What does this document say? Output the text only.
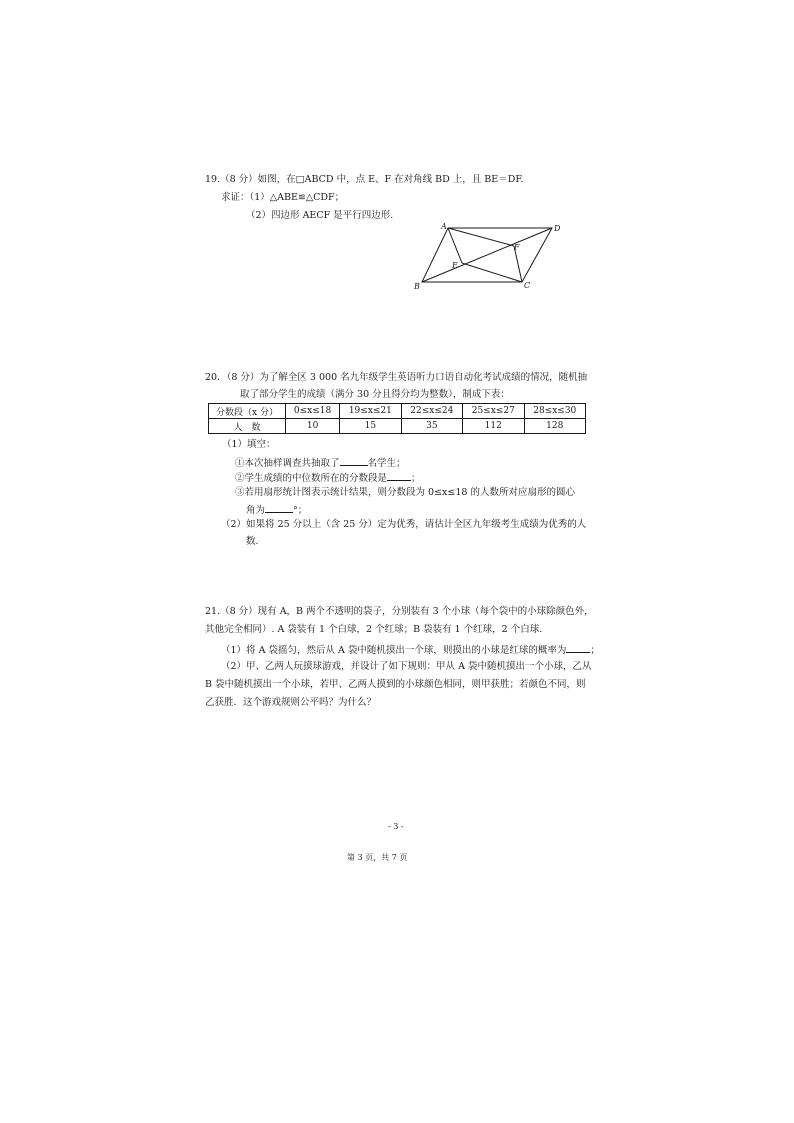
19.（8 分）如图，在□ABCD 中，点 E、F 在对角线 BD 上，且 BE＝DF.
求证：（1）△ABE≌△CDF；
（2）四边形 AECF 是平行四边形.
A	D
B	C
E
F
20．（8 分）为了解全区 3 000 名九年级学生英语听力口语自动化考试成绩的情况，随机抽
取了部分学生的成绩（满分 30 分且得分均为整数），制成下表：
分数段（x 分）	0≤x≤18	19≤x≤21	22≤x≤24	25≤x≤27	28≤x≤30
人　数	10	15	35	112	128
（1）填空：
①本次抽样调查共抽取了	名学生；
②学生成绩的中位数所在的分数段是	；
③若用扇形统计图表示统计结果，则分数段为 0≤x≤18 的人数所对应扇形的圆心
角为	°；
（2）如果将 25 分以上（含 25 分）定为优秀，请估计全区九年级考生成绩为优秀的人
数.
21.（8 分）现有 A，B 两个不透明的袋子，分别装有 3 个小球（每个袋中的小球除颜色外，
其他完全相同）. A 袋装有 1 个白球，2 个红球；B 袋装有 1 个红球，2 个白球.
（1）将 A 袋摇匀，然后从 A 袋中随机摸出一个球，则摸出的小球是红球的概率为	；
（2）甲、乙两人玩摸球游戏，并设计了如下规则：甲从 A 袋中随机摸出一个小球，乙从
B 袋中随机摸出一个小球，若甲、乙两人摸到的小球颜色相同，则甲获胜；若颜色不同，则
乙获胜．这个游戏规则公平吗？为什么？
- 3 -
第 3 页，共 7 页
